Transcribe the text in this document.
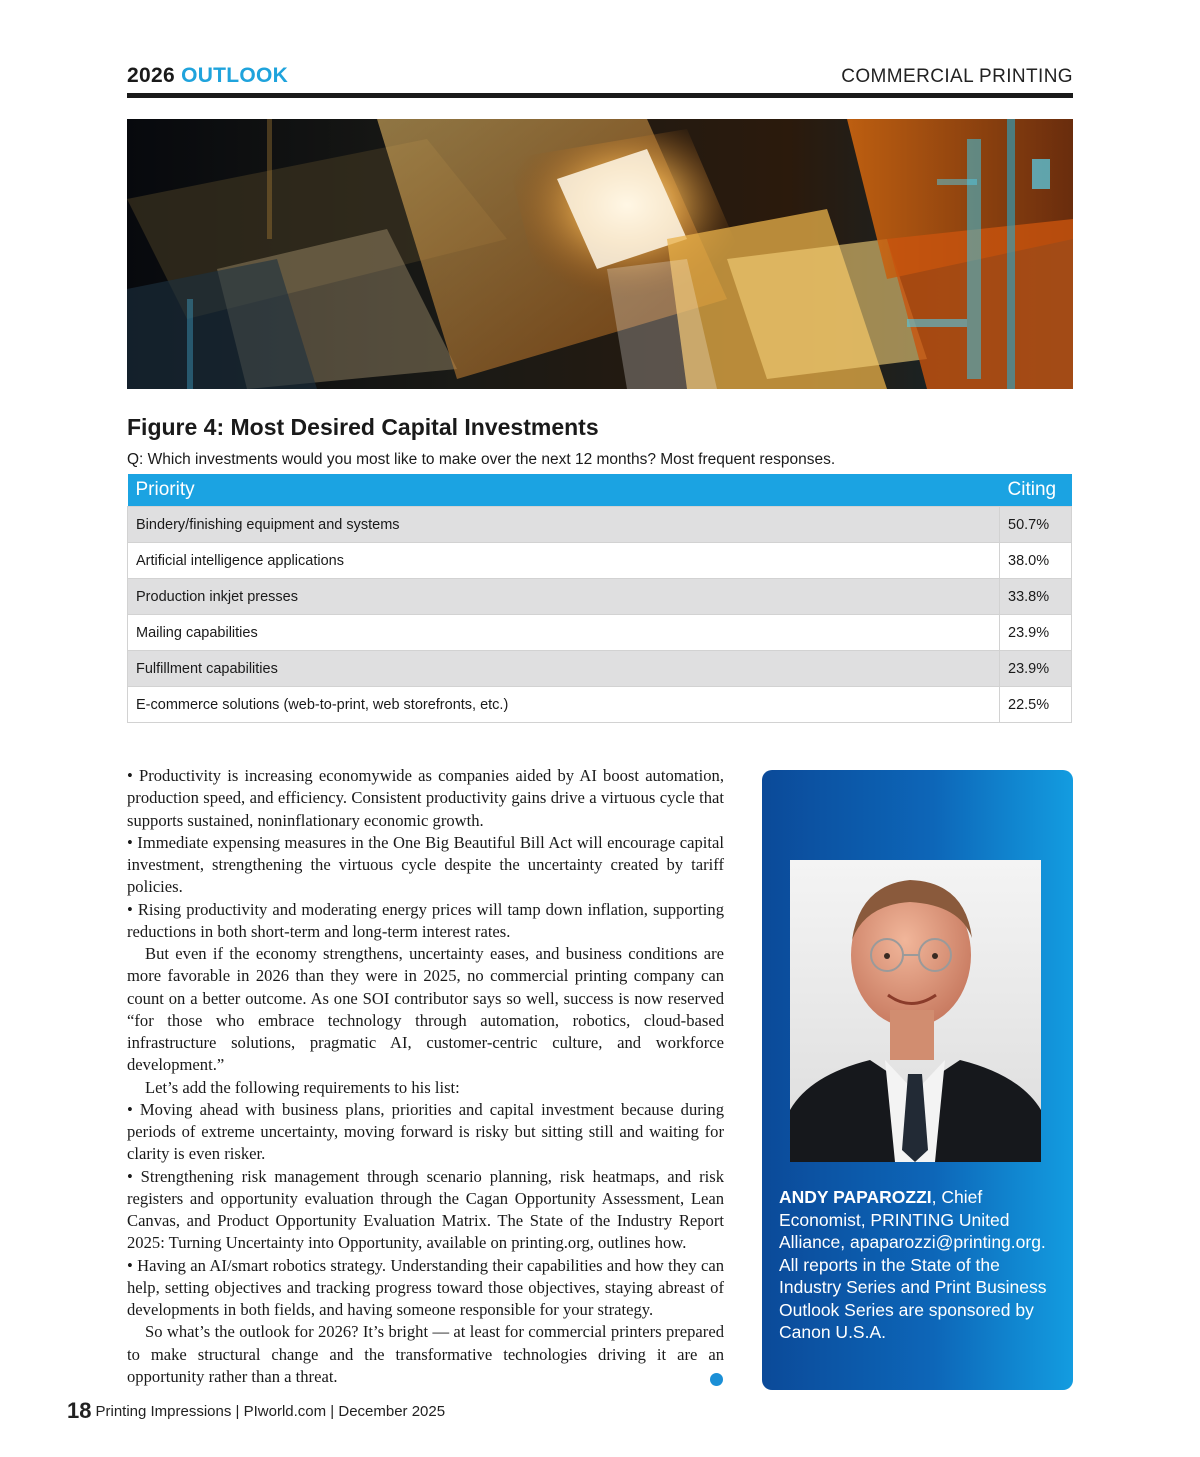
2026 OUTLOOK	COMMERCIAL PRINTING
Figure 4: Most Desired Capital Investments
Q: Which investments would you most like to make over the next 12 months? Most frequent responses.
Priority	Citing
Bindery/finishing equipment and systems	50.7%
Artificial intelligence applications	38.0%
Production inkjet presses	33.8%
Mailing capabilities	23.9%
Fulfillment capabilities	23.9%
E-commerce solutions (web-to-print, web storefronts, etc.)	22.5%

• Productivity is increasing economywide as companies aided by AI boost automation, production speed, and efficiency. Consistent productivity gains drive a virtuous cycle that supports sustained, noninflationary economic growth.

• Immediate expensing measures in the One Big Beautiful Bill Act will encourage capital investment, strengthening the virtuous cycle despite the uncertainty created by tariff policies.

• Rising productivity and moderating energy prices will tamp down inflation, supporting reductions in both short-term and long-term interest rates.

But even if the economy strengthens, uncertainty eases, and business conditions are more favorable in 2026 than they were in 2025, no commercial printing company can count on a better outcome. As one SOI contributor says so well, success is now reserved “for those who embrace technology through automation, robotics, cloud-based infrastructure solutions, pragmatic AI, customer-centric culture, and workforce development.”

Let’s add the following requirements to his list:

• Moving ahead with business plans, priorities and capital investment because during periods of extreme uncertainty, moving forward is risky but sitting still and waiting for clarity is even risker.

• Strengthening risk management through scenario planning, risk heatmaps, and risk registers and opportunity evaluation through the Cagan Opportunity Assessment, Lean Canvas, and Product Opportunity Evaluation Matrix. The State of the Industry Report 2025: Turning Uncertainty into Opportunity, available on printing.org, outlines how.

• Having an AI/smart robotics strategy. Understanding their capabilities and how they can help, setting objectives and tracking progress toward those objectives, staying abreast of developments in both fields, and having someone responsible for your strategy.

So what’s the outlook for 2026? It’s bright — at least for commercial printers prepared to make structural change and the transformative technologies driving it are an opportunity rather than a threat.

ANDY PAPAROZZI, Chief Economist, PRINTING United Alliance, apaparozzi@printing.org. All reports in the State of the Industry Series and Print Business Outlook Series are sponsored by Canon U.S.A.
18 Printing Impressions | PIworld.com | December 2025
